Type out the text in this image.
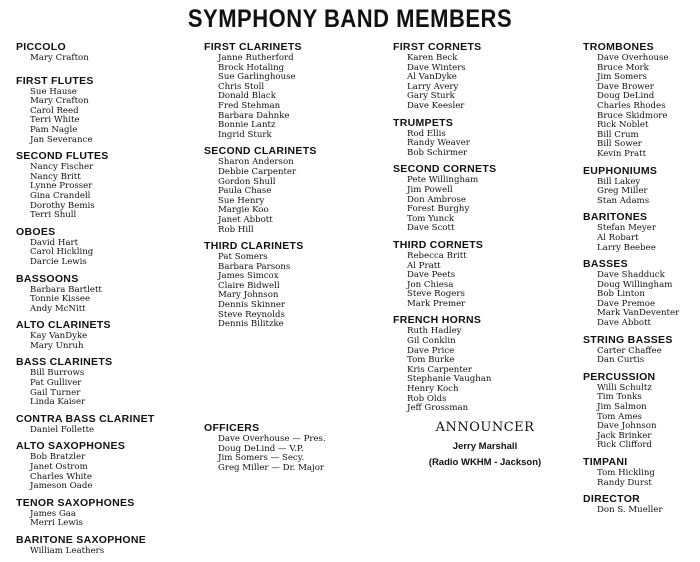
SYMPHONY BAND MEMBERS
PICCOLO
Mary Crafton
FIRST FLUTES
Sue Hause
Mary Crafton
Carol Reed
Terri White
Pam Nagle
Jan Severance
SECOND FLUTES
Nancy Fischer
Nancy Britt
Lynne Prosser
Gina Crandell
Dorothy Bemis
Terri Shull
OBOES
David Hart
Carol Hickling
Darcie Lewis
BASSOONS
Barbara Bartlett
Tonnie Kissee
Andy McNitt
ALTO CLARINETS
Kay VanDyke
Mary Unruh
BASS CLARINETS
Bill Burrows
Pat Gulliver
Gail Turner
Linda Kaiser
CONTRA BASS CLARINET
Daniel Follette
ALTO SAXOPHONES
Bob Bratzler
Janet Ostrom
Charles White
Jameson Oade
TENOR SAXOPHONES
James Gaa
Merri Lewis
BARITONE SAXOPHONE
William Leathers
FIRST CLARINETS
Janne Rutherford
Brock Hotaling
Sue Garlinghouse
Chris Stoll
Donald Black
Fred Stehman
Barbara Dahnke
Bonnie Lantz
Ingrid Sturk
SECOND CLARINETS
Sharon Anderson
Debbie Carpenter
Gordon Shull
Paula Chase
Sue Henry
Margie Koo
Janet Abbott
Rob Hill
THIRD CLARINETS
Pat Somers
Barbara Parsons
James Simcox
Claire Bidwell
Mary Johnson
Dennis Skinner
Steve Reynolds
Dennis Bilitzke
FIRST CORNETS
Karen Beck
Dave Winters
Al VanDyke
Larry Avery
Gary Sturk
Dave Keesler
TRUMPETS
Rod Ellis
Randy Weaver
Bob Schirmer
SECOND CORNETS
Pete Willingham
Jim Powell
Don Ambrose
Forest Burghy
Tom Yunck
Dave Scott
THIRD CORNETS
Rebecca Britt
Al Pratt
Dave Peets
Jon Chiesa
Steve Rogers
Mark Premer
FRENCH HORNS
Ruth Hadley
Gil Conklin
Dave Price
Tom Burke
Kris Carpenter
Stephanie Vaughan
Henry Koch
Rob Olds
Jeff Grossman
TROMBONES
Dave Overhouse
Bruce Mork
Jim Somers
Dave Brower
Doug DeLind
Charles Rhodes
Bruce Skidmore
Rick Noblet
Bill Crum
Bill Sower
Kevin Pratt
EUPHONIUMS
Bill Lakey
Greg Miller
Stan Adams
BARITONES
Stefan Meyer
Al Robart
Larry Beebee
BASSES
Dave Shadduck
Doug Willingham
Bob Linton
Dave Premoe
Mark VanDeventer
Dave Abbott
STRING BASSES
Carter Chaffee
Dan Curtis
PERCUSSION
Willi Schultz
Tim Tonks
Jim Salmon
Tom Ames
Dave Johnson
Jack Brinker
Rick Clifford
TIMPANI
Tom Hickling
Randy Durst
DIRECTOR
Don S. Mueller
OFFICERS
Dave Overhouse — Pres.
Doug DeLind — V.P.
Jim Somers — Secy.
Greg Miller — Dr. Major
ANNOUNCER
Jerry Marshall
(Radio WKHM - Jackson)
